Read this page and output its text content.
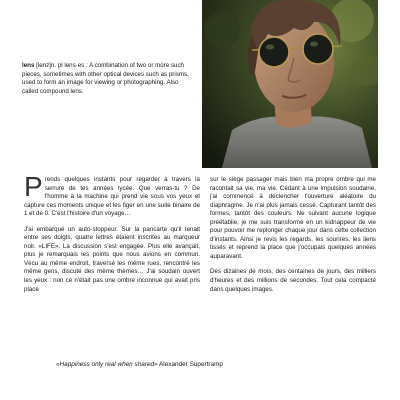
lens [lenz]n. pl lens·es : A combination of two or more such pieces, sometimes with other optical devices such as prisms, used to form an image for viewing or photographing. Also called compound lens.

Prends quelques instants pour regarder à travers la serrure de tes années lycée. Que verras-tu ? De l'homme à la machine qui prend vie sous vos yeux et capture ces moments unique et les figer en une suite binaire de 1 et de 0. C'est l'histoire d'un voyage…

J'ai embarqué un auto-stoppeur. Sur la pancarte qu'il tenait entre ses doigts, quatre lettres étaient inscrites au marqueur noir. «LIFE». La discussion s'est engagée. Plus elle avançait, plus je remarquais les points que nous avions en commun. Vécu au même endroit, traversé les même rues, rencontré les même gens, discuté des même thèmes… J'ai soudain ouvert les yeux : non ce n'était pas une ombre inconnue qui avait pris place

sur le siège passager mais bien ma propre ombre qui me racontait sa vie, ma vie. Cédant à une impulsion soudaine, j'ai commencé à déclencher l'ouverture aléatoire du diaphragme. Je n'ai plus jamais cessé. Capturant tantôt des formes, tantôt des couleurs. Ne suivant aucune logique préétablie, je me suis transformé en un kidnappeur de vie pour pouvoir me replonger chaque jour dans cette collection d'instants. Ainsi je revis les regards, les sourires, les liens tissés et reprend la place que j'occupais quelques années auparavant.

Des dizaines de mois, des centaines de jours, des milliers d'heures et des millions de secondes. Tout cela compacté dans quelques images.

«Happiness only real when shared» Alexander Supertramp
